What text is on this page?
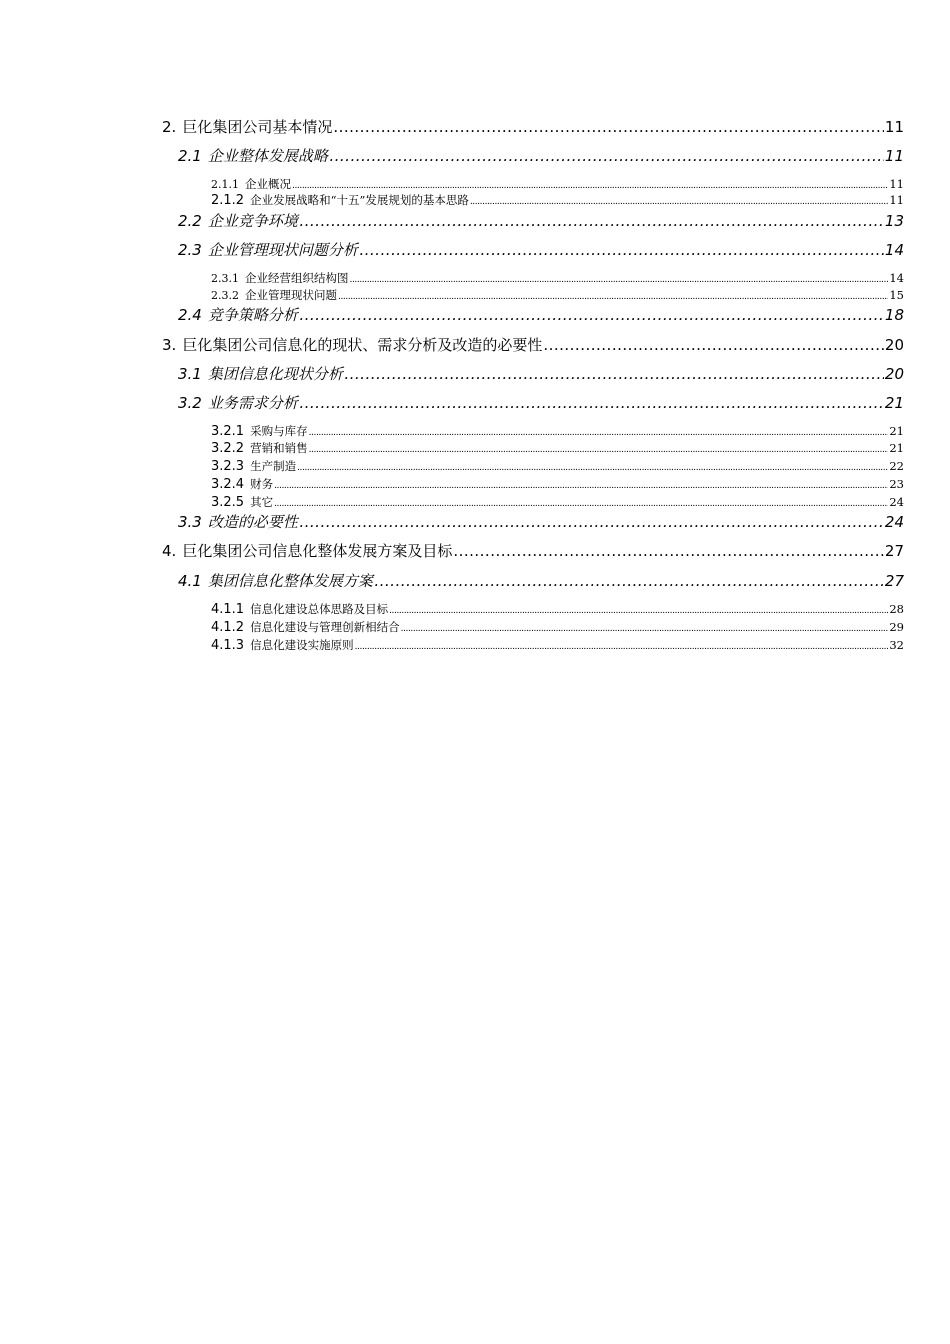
2. 巨化集团公司基本情况 .....	11
2.1 企业整体发展战略 .....	11
2.1.1 企业概况 .....	11
2.1.2 企业发展战略和“十五”发展规划的基本思路 .....	11
2.2 企业竞争环境 .....	13
2.3 企业管理现状问题分析 .....	14
2.3.1 企业经营组织结构图 .....	14
2.3.2 企业管理现状问题 .....	15
2.4 竞争策略分析 .....	18
3. 巨化集团公司信息化的现状、需求分析及改造的必要性 .....	20
3.1 集团信息化现状分析 .....	20
3.2 业务需求分析 .....	21
3.2.1 采购与库存 .....	21
3.2.2 营销和销售 .....	21
3.2.3 生产制造 .....	22
3.2.4 财务 .....	23
3.2.5 其它 .....	24
3.3 改造的必要性 .....	24
4. 巨化集团公司信息化整体发展方案及目标 .....	27
4.1 集团信息化整体发展方案 .....	27
4.1.1 信息化建设总体思路及目标 .....	28
4.1.2 信息化建设与管理创新相结合 .....	29
4.1.3 信息化建设实施原则 .....	32
